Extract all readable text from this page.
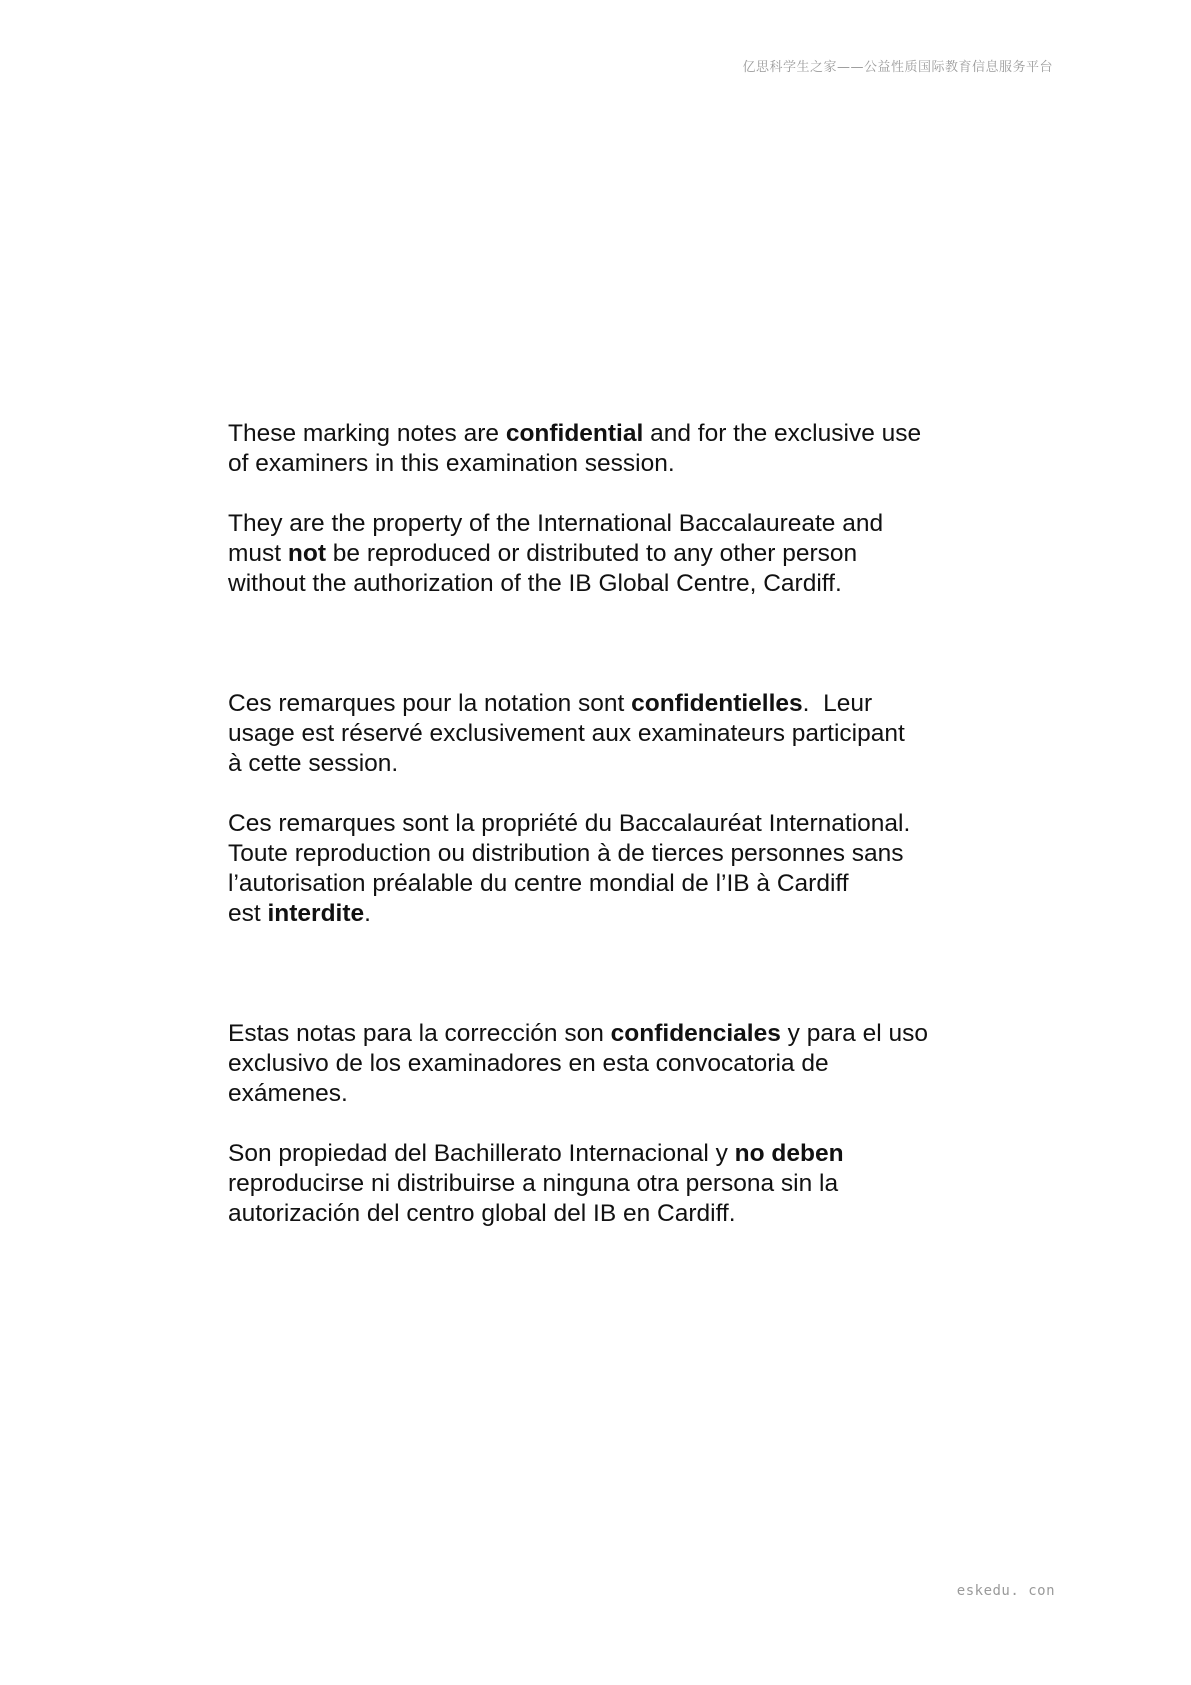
亿思科学生之家——公益性质国际教育信息服务平台

These marking notes are confidential and for the exclusive use
of examiners in this examination session.

They are the property of the International Baccalaureate and
must not be reproduced or distributed to any other person
without the authorization of the IB Global Centre, Cardiff.

Ces remarques pour la notation sont confidentielles.  Leur
usage est réservé exclusivement aux examinateurs participant
à cette session.

Ces remarques sont la propriété du Baccalauréat International.
Toute reproduction ou distribution à de tierces personnes sans
l’autorisation préalable du centre mondial de l’IB à Cardiff
est interdite.

Estas notas para la corrección son confidenciales y para el uso
exclusivo de los examinadores en esta convocatoria de
exámenes.

Son propiedad del Bachillerato Internacional y no deben
reproducirse ni distribuirse a ninguna otra persona sin la
autorización del centro global del IB en Cardiff.

eskedu. con
